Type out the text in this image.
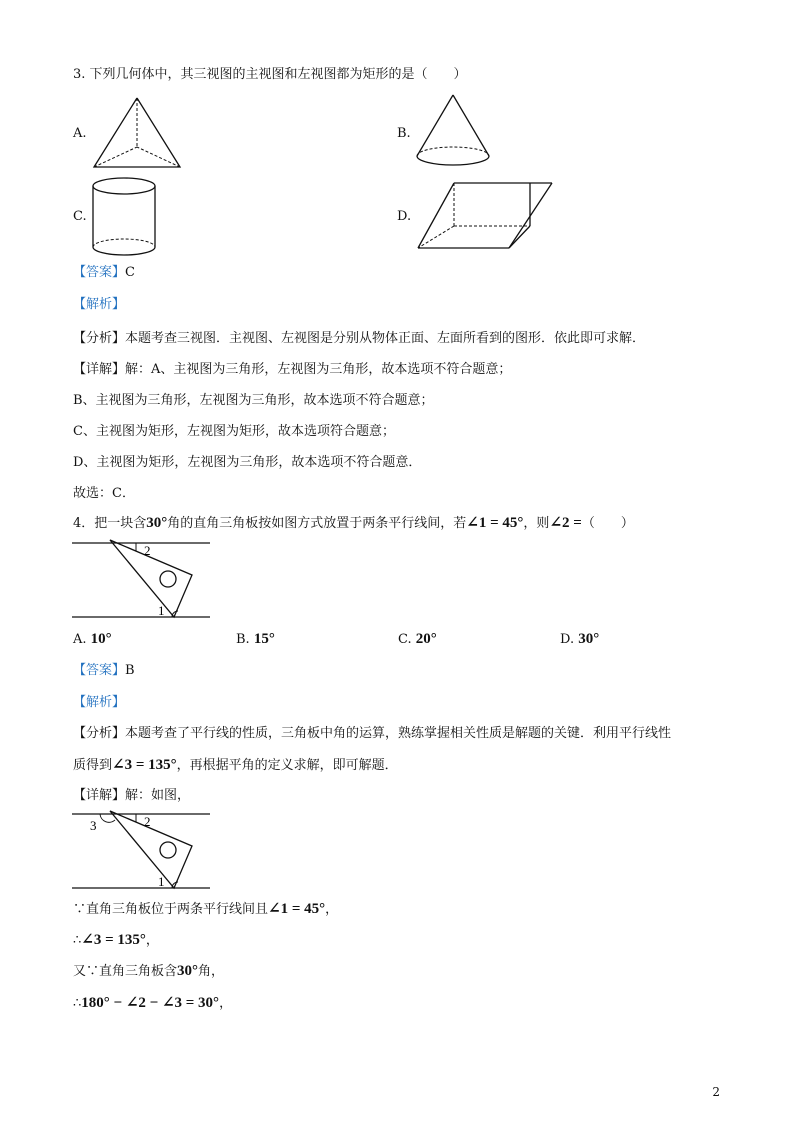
3. 下列几何体中，其三视图的主视图和左视图都为矩形的是（　　）
A.	B.
C.	D.
【答案】C
【解析】
【分析】本题考查三视图．主视图、左视图是分别从物体正面、左面所看到的图形．依此即可求解．
【详解】解：A、主视图为三角形，左视图为三角形，故本选项不符合题意；
B、主视图为三角形，左视图为三角形，故本选项不符合题意；
C、主视图为矩形，左视图为矩形，故本选项符合题意；
D、主视图为矩形，左视图为三角形，故本选项不符合题意．
故选：C．
4．把一块含30°角的直角三角板按如图方式放置于两条平行线间，若∠1 = 45°，则∠2 =（　　）
2
1
A. 10°	B. 15°	C. 20°	D. 30°
【答案】B
【解析】
【分析】本题考查了平行线的性质，三角板中角的运算，熟练掌握相关性质是解题的关键．利用平行线性
质得到∠3 = 135°，再根据平角的定义求解，即可解题．
【详解】解：如图，
2
3
1
∵直角三角板位于两条平行线间且∠1 = 45°，
∴∠3 = 135°，
又∵直角三角板含30°角，
∴180° − ∠2 − ∠3 = 30°，
2
